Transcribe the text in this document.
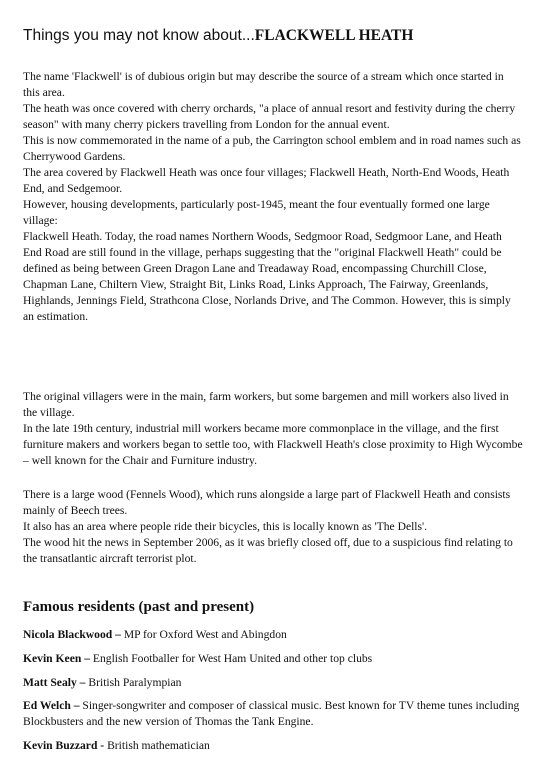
Things you may not know about...FLACKWELL HEATH

The name 'Flackwell' is of dubious origin but may describe the source of a stream which once started in this area.
The heath was once covered with cherry orchards, "a place of annual resort and festivity during the cherry season" with many cherry pickers travelling from London for the annual event.
This is now commemorated in the name of a pub, the Carrington school emblem and in road names such as Cherrywood Gardens.
The area covered by Flackwell Heath was once four villages; Flackwell Heath, North-End Woods, Heath End, and Sedgemoor.
However, housing developments, particularly post-1945, meant the four eventually formed one large village:
Flackwell Heath. Today, the road names Northern Woods, Sedgmoor Road, Sedgmoor Lane, and Heath End Road are still found in the village, perhaps suggesting that the "original Flackwell Heath" could be defined as being between Green Dragon Lane and Treadaway Road, encompassing Churchill Close, Chapman Lane, Chiltern View, Straight Bit, Links Road, Links Approach, The Fairway, Greenlands, Highlands, Jennings Field, Strathcona Close, Norlands Drive, and The Common. However, this is simply an estimation.

The original villagers were in the main, farm workers, but some bargemen and mill workers also lived in the village.
In the late 19th century, industrial mill workers became more commonplace in the village, and the first furniture makers and workers began to settle too, with Flackwell Heath's close proximity to High Wycombe – well known for the Chair and Furniture industry.

There is a large wood (Fennels Wood), which runs alongside a large part of Flackwell Heath and consists mainly of Beech trees.
It also has an area where people ride their bicycles, this is locally known as 'The Dells'.
The wood hit the news in September 2006, as it was briefly closed off, due to a suspicious find relating to the transatlantic aircraft terrorist plot.

Famous residents (past and present)

Nicola Blackwood – MP for Oxford West and Abingdon

Kevin Keen – English Footballer for West Ham United and other top clubs

Matt Sealy – British Paralympian

Ed Welch – Singer-songwriter and composer of classical music. Best known for TV theme tunes including Blockbusters and the new version of Thomas the Tank Engine.

Kevin Buzzard - British mathematician
